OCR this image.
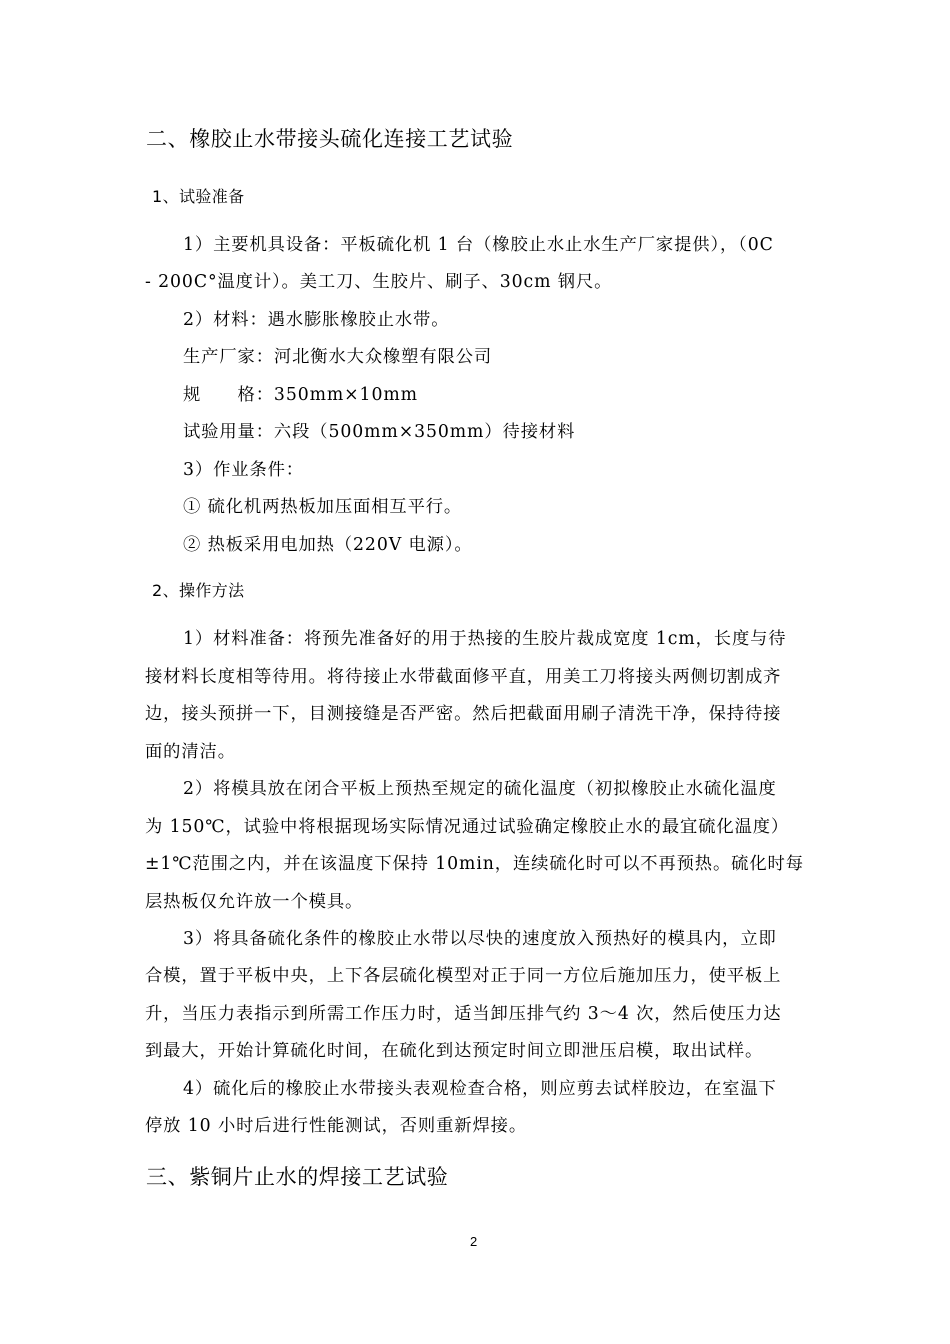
二、橡胶止水带接头硫化连接工艺试验
1、试验准备
1）主要机具设备：平板硫化机 1 台（橡胶止水止水生产厂家提供），（0C
- 200C°温度计）。美工刀、生胶片、刷子、30cm 钢尺。
2）材料：遇水膨胀橡胶止水带。
生产厂家：河北衡水大众橡塑有限公司
规　　格：350mm×10mm
试验用量：六段（500mm×350mm）待接材料
3）作业条件：
① 硫化机两热板加压面相互平行。
② 热板采用电加热（220V 电源）。
2、操作方法
1）材料准备：将预先准备好的用于热接的生胶片裁成宽度 1cm，长度与待
接材料长度相等待用。将待接止水带截面修平直，用美工刀将接头两侧切割成齐
边，接头预拼一下，目测接缝是否严密。然后把截面用刷子清洗干净，保持待接
面的清洁。
2）将模具放在闭合平板上预热至规定的硫化温度（初拟橡胶止水硫化温度
为 150℃，试验中将根据现场实际情况通过试验确定橡胶止水的最宜硫化温度）
±1℃范围之内，并在该温度下保持 10min，连续硫化时可以不再预热。硫化时每
层热板仅允许放一个模具。
3）将具备硫化条件的橡胶止水带以尽快的速度放入预热好的模具内，立即
合模，置于平板中央，上下各层硫化模型对正于同一方位后施加压力，使平板上
升，当压力表指示到所需工作压力时，适当卸压排气约 3～4 次，然后使压力达
到最大，开始计算硫化时间，在硫化到达预定时间立即泄压启模，取出试样。
4）硫化后的橡胶止水带接头表观检查合格，则应剪去试样胶边，在室温下
停放 10 小时后进行性能测试，否则重新焊接。
三、紫铜片止水的焊接工艺试验
2
